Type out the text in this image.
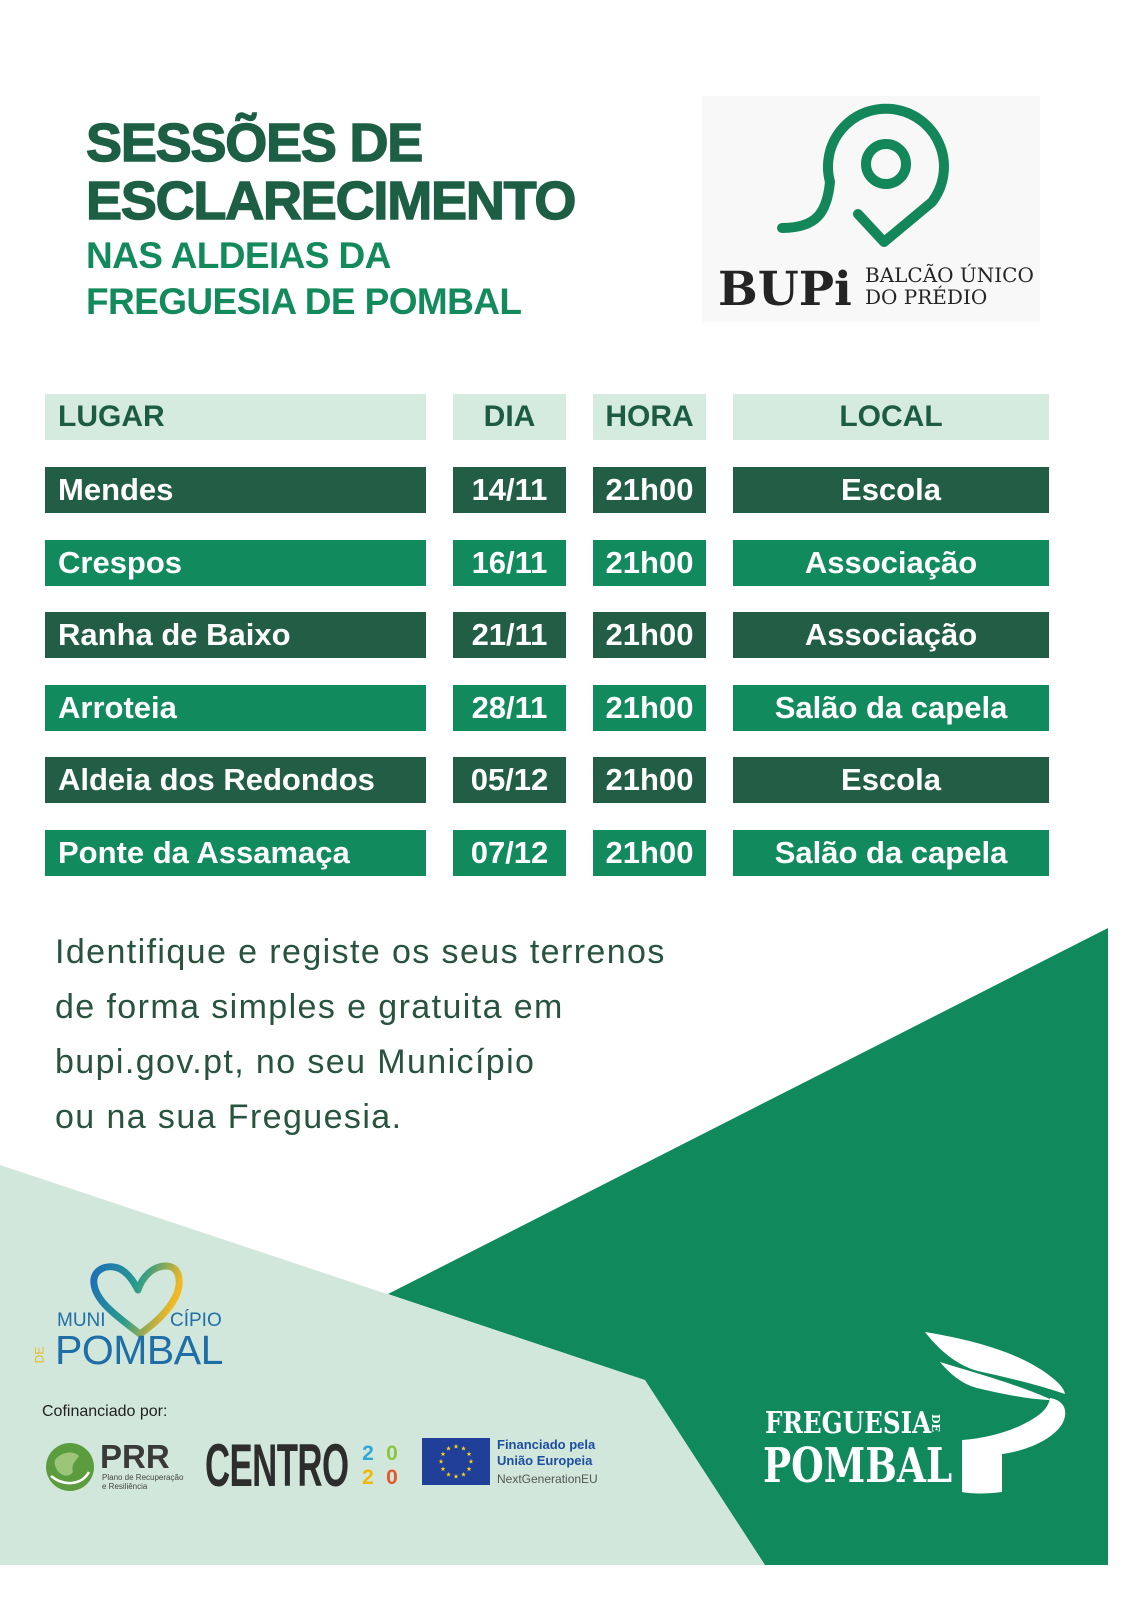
SESSÕES DE
ESCLARECIMENTO
NAS ALDEIAS DA
FREGUESIA DE POMBAL	BUPi BALCÃO ÚNICO
DO PRÉDIO
LUGAR	DIA	HORA	LOCAL
Mendes	14/11	21h00	Escola
Crespos	16/11	21h00	Associação
Ranha de Baixo	21/11	21h00	Associação
Arroteia	28/11	21h00	Salão da capela
Aldeia dos Redondos	05/12	21h00	Escola
Ponte da Assamaça	07/12	21h00	Salão da capela
Identifique e registe os seus terrenos
de forma simples e gratuita em
bupi.gov.pt, no seu Município
ou na sua Freguesia.
MUNI	CÍPIO
DE POMBAL
Cofinanciado por:
PRR
Plano de Recuperação
e Resiliência CENTRO 2 0
2 0
Financiado pela
União Europeia
NextGenerationEU
FREGUESIA
DE
POMBAL
